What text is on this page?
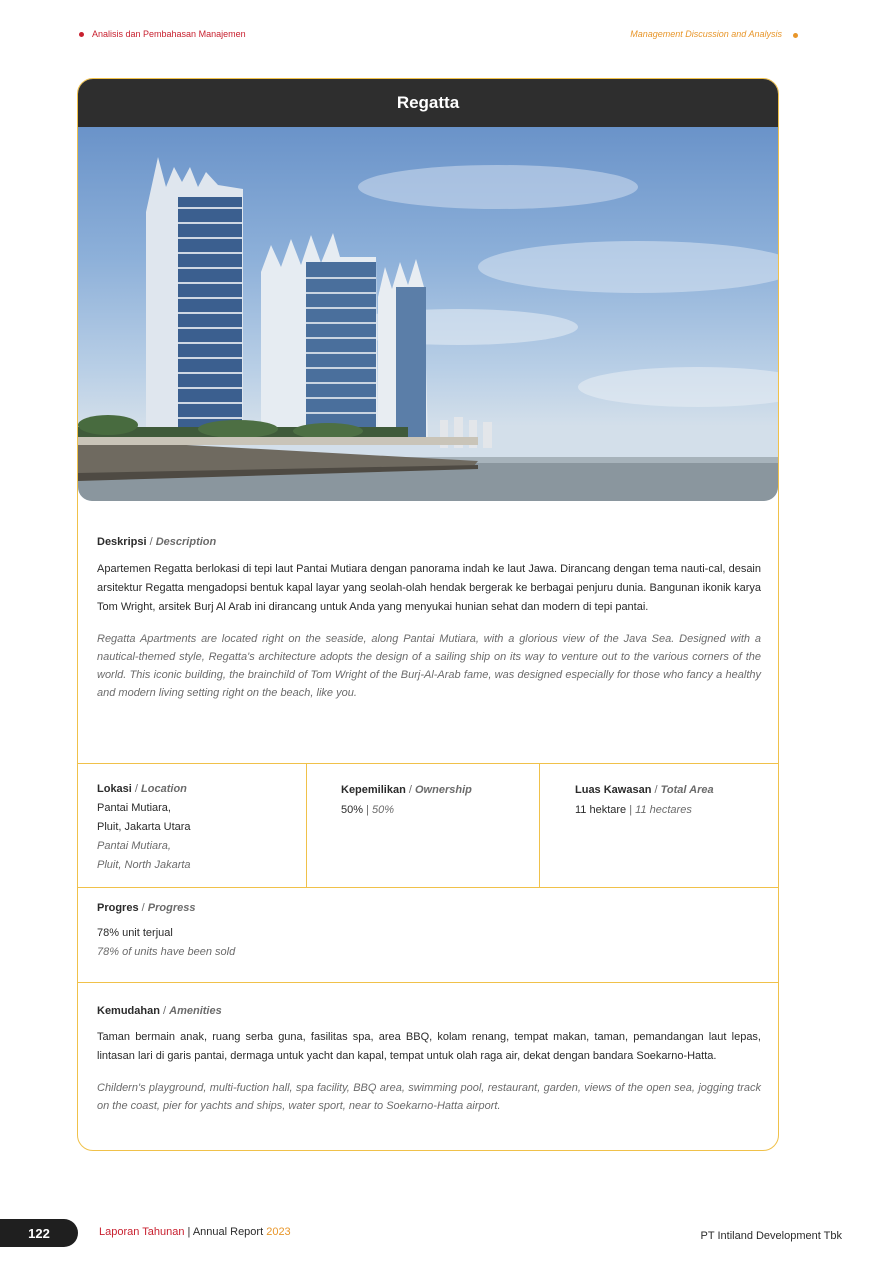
Analisis dan Pembahasan Manajemen	Management Discussion and Analysis
Regatta
Deskripsi / Description

Apartemen Regatta berlokasi di tepi laut Pantai Mutiara dengan panorama indah ke laut Jawa. Dirancang dengan tema nauti-cal, desain arsitektur Regatta mengadopsi bentuk kapal layar yang seolah-olah hendak bergerak ke berbagai penjuru dunia. Bangunan ikonik karya Tom Wright, arsitek Burj Al Arab ini dirancang untuk Anda yang menyukai hunian sehat dan modern di tepi pantai.

Regatta Apartments are located right on the seaside, along Pantai Mutiara, with a glorious view of the Java Sea. Designed with a nautical-themed style, Regatta's architecture adopts the design of a sailing ship on its way to venture out to the various corners of the world. This iconic building, the brainchild of Tom Wright of the Burj-Al-Arab fame, was designed especially for those who fancy a healthy and modern living setting right on the beach, like you.

Lokasi / Location
Pantai Mutiara,
Pluit, Jakarta Utara
Pantai Mutiara,
Pluit, North Jakarta
Kepemilikan / Ownership
50% | 50%
Luas Kawasan / Total Area
11 hektare | 11 hectares
Progres / Progress
78% unit terjual
78% of units have been sold
Kemudahan / Amenities

Taman bermain anak, ruang serba guna, fasilitas spa, area BBQ, kolam renang, tempat makan, taman, pemandangan laut lepas, lintasan lari di garis pantai, dermaga untuk yacht dan kapal, tempat untuk olah raga air, dekat dengan bandara Soekarno-Hatta.

Childern's playground, multi-fuction hall, spa facility, BBQ area, swimming pool, restaurant, garden, views of the open sea, jogging track on the coast, pier for yachts and ships, water sport, near to Soekarno-Hatta airport.

122	Laporan Tahunan | Annual Report 2023	PT Intiland Development Tbk
